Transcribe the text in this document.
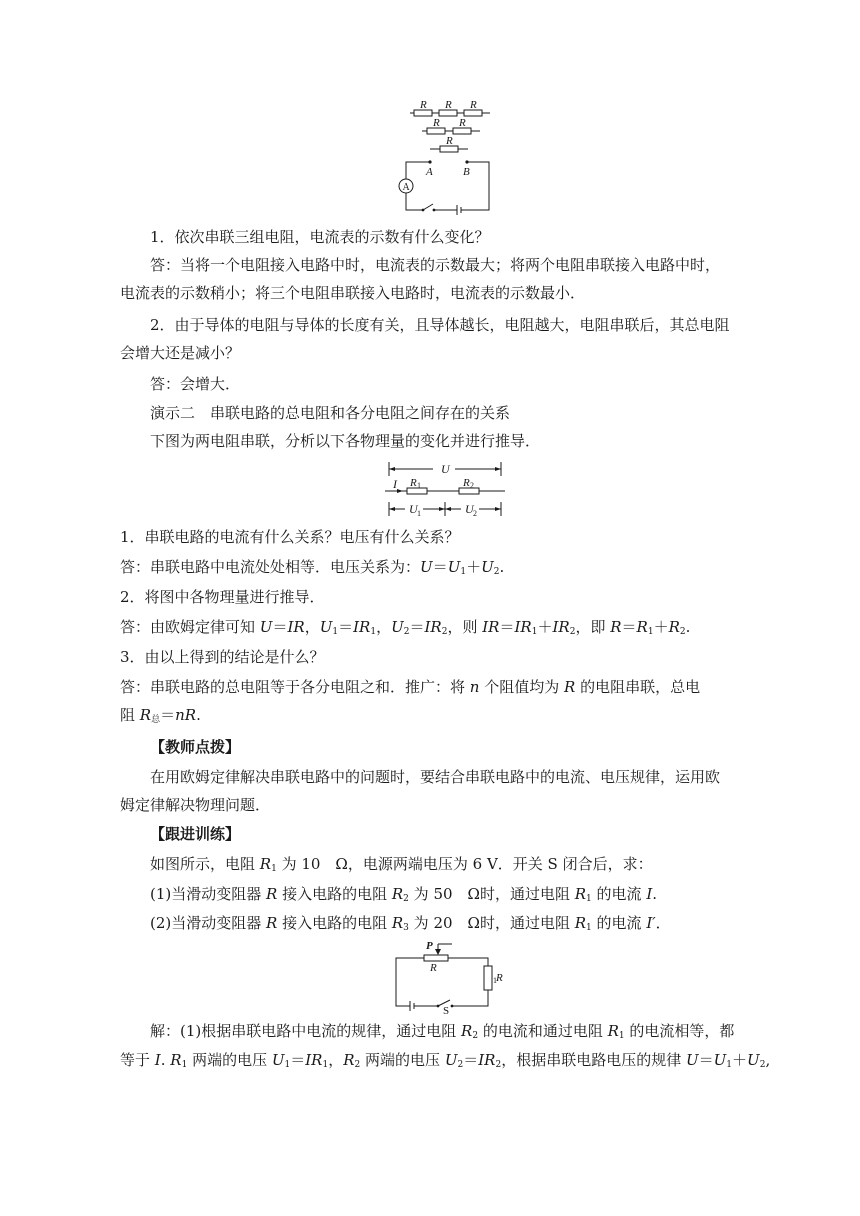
R R R
R R
R
A	B
A
1．依次串联三组电阻，电流表的示数有什么变化？
答：当将一个电阻接入电路中时，电流表的示数最大；将两个电阻串联接入电路中时，
电流表的示数稍小；将三个电阻串联接入电路时，电流表的示数最小．
2．由于导体的电阻与导体的长度有关，且导体越长，电阻越大，电阻串联后，其总电阻
会增大还是减小？
答：会增大．
演示二　串联电路的总电阻和各分电阻之间存在的关系
下图为两电阻串联，分析以下各物理量的变化并进行推导．
U
I R 1	R 2
U 1	U 2
1．串联电路的电流有什么关系？电压有什么关系？
答：串联电路中电流处处相等．电压关系为：$U=U_1+U_2$.
2．将图中各物理量进行推导．
答：由欧姆定律可知 U＝IR，$U_1=IR_1$，$U_2=IR_2$，则 $IR=IR_1+IR_2$，即 $R=R_1+R_2$.
3．由以上得到的结论是什么？
答：串联电路的总电阻等于各分电阻之和．推广：将 n 个阻值均为 R 的电阻串联，总电
阻 $R_总=nR$.
【教师点拨】
在用欧姆定律解决串联电路中的问题时，要结合串联电路中的电流、电压规律，运用欧
姆定律解决物理问题．
【跟进训练】
如图所示，电阻 $R_1$ 为 10　Ω，电源两端电压为 6 V．开关 S 闭合后，求：
(1)当滑动变阻器 R 接入电路的电阻 $R_2$ 为 50　Ω时，通过电阻 $R_1$ 的电流 I.
(2)当滑动变阻器 R 接入电路的电阻 $R_3$ 为 20　Ω时，通过电阻 $R_1$ 的电流 I′．
P
R
R
1
S
解：(1)根据串联电路中电流的规律，通过电阻 $R_2$ 的电流和通过电阻 $R_1$ 的电流相等，都
等于 I. $R_1$ 两端的电压 $U_1=IR_1$，$R_2$ 两端的电压 $U_2=IR_2$，根据串联电路电压的规律 $U=U_1+U_2$,
